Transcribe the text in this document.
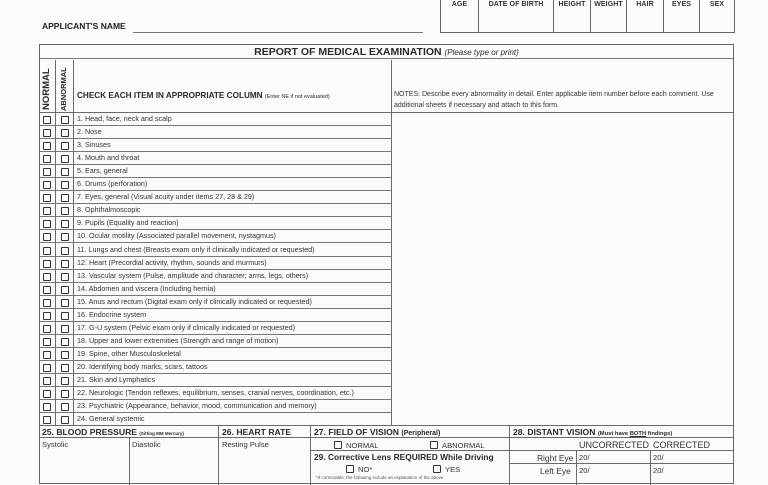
AGE	DATE OF BIRTH	HEIGHT	WEIGHT	HAIR	EYES	SEX
APPLICANT'S NAME
REPORT OF MEDICAL EXAMINATION (Please type or print)
NORMAL ABNORMAL CHECK EACH ITEM IN APPROPRIATE COLUMN (Enter NE if not evaluated)	NOTES: Describe every abnormality in detail. Enter applicable item number before each comment. Use additional sheets if necessary and attach to this form.
1. Head, face, neck and scalp
2. Nose
3. Sinuses
4. Mouth and throat
5. Ears, general
6. Drums (perforation)
7. Eyes, general (Visual acuity under items 27, 28 & 29)
8. Ophthalmoscopic
9. Pupils (Equality and reaction)
10. Ocular motility (Associated parallel movement, nystagmus)
11. Lungs and chest (Breasts exam only if clinically indicated or requested)
12. Heart (Precordial activity, rhythm, sounds and murmurs)
13. Vascular system (Pulse, amplitude and character; arms, legs, others)
14. Abdomen and viscera (Including hernia)
15. Anus and rectum (Digital exam only if clinically indicated or requested)
16. Endocrine system
17. G-U system (Pelvic exam only if clinically indicated or requested)
18. Upper and lower extremities (Strength and range of motion)
19. Spine, other Musculoskeletal
20. Identifying body marks, scars, tattoos
21. Skin and Lymphatics
22. Neurologic (Tendon reflexes, equilibrium, senses, cranial nerves, coordination, etc.)
23. Psychiatric (Appearance, behavior, mood, communication and memory)
24. General systemic
25. BLOOD PRESSURE (Sitting MM Mercury)
Systolic	Diastolic
26. HEART RATE
Resting Pulse
27. FIELD OF VISION (Peripheral)
NORMAL	ABNORMAL
29. Corrective Lens REQUIRED While Driving
NO*	YES
*If correctable, the following include an explanation of the above
28. DISTANT VISION (Must have BOTH findings)
UNCORRECTED CORRECTED
Right Eye 20/	20/
Left Eye 20/	20/
